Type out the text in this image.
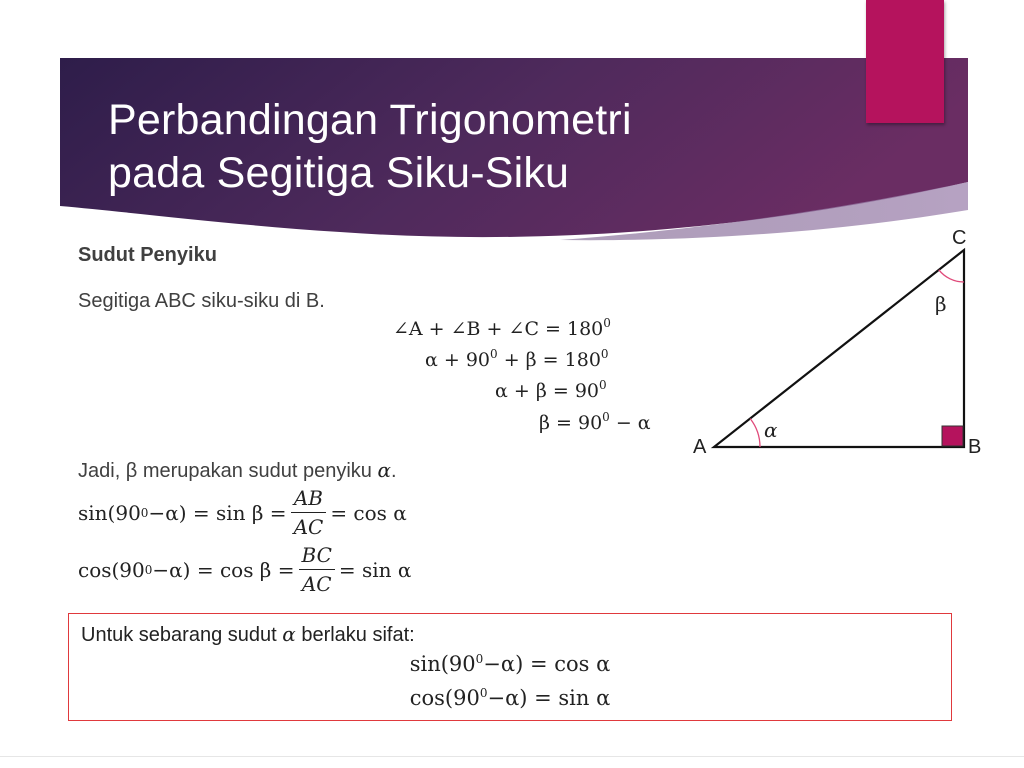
Perbandingan Trigonometri
pada Segitiga Siku-Siku
Sudut Penyiku
Segitiga ABC siku-siku di B.
∠A + ∠B + ∠C = $180^0$
$\alpha + 90^0 + \beta = 180^0$
$\alpha + \beta = 90^0$
$\beta = 90^0 - \alpha$
Jadi, β merupakan sudut penyiku α.
sin(90 $0 -\alpha) = \sin \beta = \frac{AB}{AC} = \cos \alpha$
cos(90 $0 -\alpha) = \cos \beta = \frac{BC}{AC} = \sin \alpha$
Untuk sebarang sudut α berlaku sifat:
$\sin(90^0-\alpha) = \cos \alpha$
$\cos(90^0-\alpha) = \sin \alpha$
A	B
C
α
β
